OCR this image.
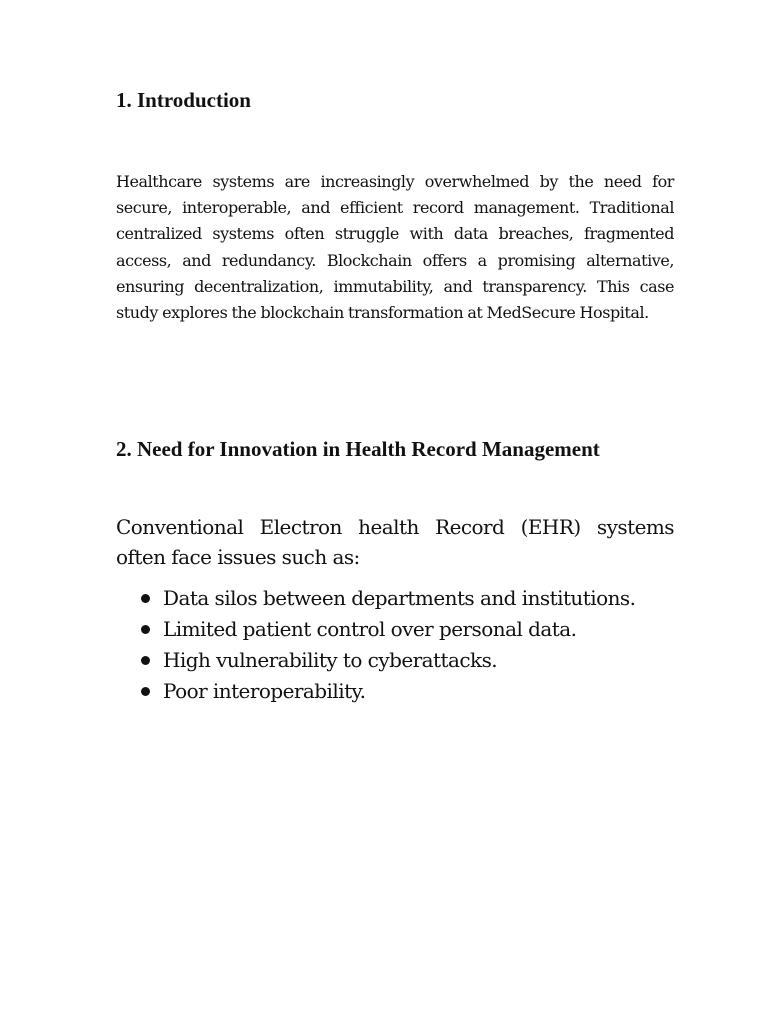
1. Introduction

Healthcare systems are increasingly overwhelmed by the need for secure, interoperable, and efficient record management. Traditional centralized systems often struggle with data breaches, fragmented access, and redundancy. Blockchain offers a promising alternative, ensuring decentralization, immutability, and transparency. This case study explores the blockchain transformation at MedSecure Hospital.

2. Need for Innovation in Health Record Management

Conventional Electron health Record (EHR) systems often face issues such as:

Data silos between departments and institutions.
Limited patient control over personal data.
High vulnerability to cyberattacks.
Poor interoperability.
